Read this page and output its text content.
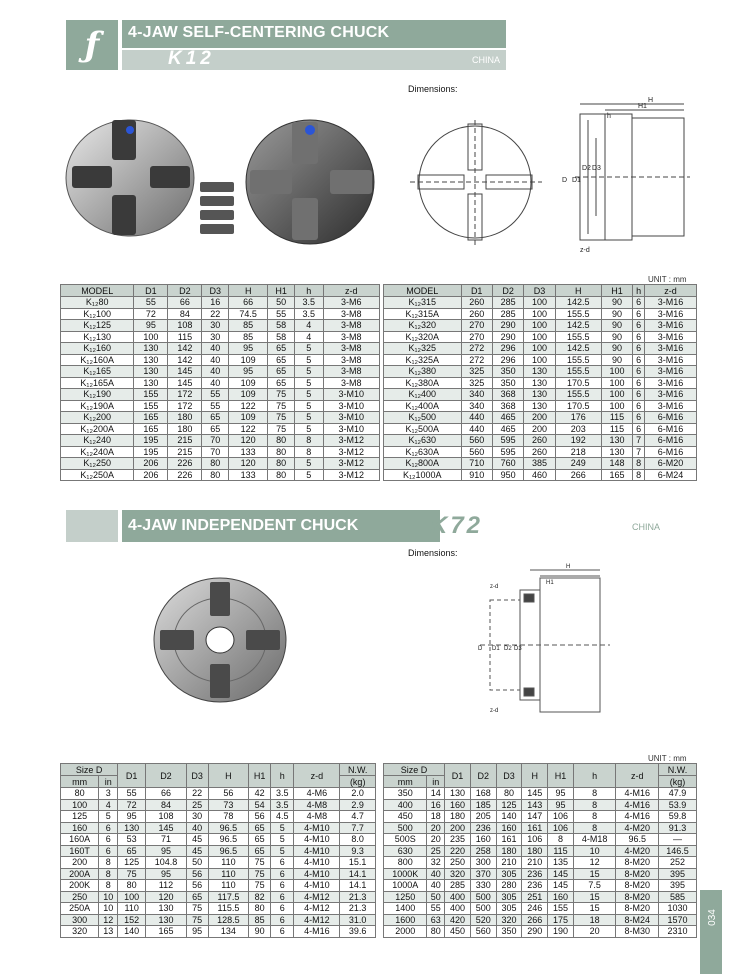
ƒ	4-JAW SELF-CENTERING CHUCK
K12	CHINA
Dimensions:
H
H1
h
D D1
D2 D3
z-d
UNIT : mm
MODEL	D1	D2	D3	H	H1	h	z-d
K₁₂80	55	66	16	66	50	3.5	3-M6
K₁₂100	72	84	22	74.5	55	3.5	3-M8
K₁₂125	95	108	30	85	58	4	3-M8
K₁₂130	100	115	30	85	58	4	3-M8
K₁₂160	130	142	40	95	65	5	3-M8
K₁₂160A	130	142	40	109	65	5	3-M8
K₁₂165	130	145	40	95	65	5	3-M8
K₁₂165A	130	145	40	109	65	5	3-M8
K₁₂190	155	172	55	109	75	5	3-M10
K₁₂190A	155	172	55	122	75	5	3-M10
K₁₂200	165	180	65	109	75	5	3-M10
K₁₂200A	165	180	65	122	75	5	3-M10
K₁₂240	195	215	70	120	80	8	3-M12
K₁₂240A	195	215	70	133	80	8	3-M12
K₁₂250	206	226	80	120	80	5	3-M12
K₁₂250A	206	226	80	133	80	5	3-M12
MODEL	D1	D2	D3	H	H1	h	z-d
K₁₂315	260	285	100	142.5	90	6	3-M16
K₁₂315A	260	285	100	155.5	90	6	3-M16
K₁₂320	270	290	100	142.5	90	6	3-M16
K₁₂320A	270	290	100	155.5	90	6	3-M16
K₁₂325	272	296	100	142.5	90	6	3-M16
K₁₂325A	272	296	100	155.5	90	6	3-M16
K₁₂380	325	350	130	155.5	100	6	3-M16
K₁₂380A	325	350	130	170.5	100	6	3-M16
K₁₂400	340	368	130	155.5	100	6	3-M16
K₁₂400A	340	368	130	170.5	100	6	3-M16
K₁₂500	440	465	200	176	115	6	6-M16
K₁₂500A	440	465	200	203	115	6	6-M16
K₁₂630	560	595	260	192	130	7	6-M16
K₁₂630A	560	595	260	218	130	7	6-M16
K₁₂800A	710	760	385	249	148	8	6-M20
K₁₂1000A	910	950	460	266	165	8	6-M24
4-JAW INDEPENDENT CHUCK	K72	CHINA
Dimensions:
z-d
H1
H
D D1 D2 D3
z-d
UNIT : mm
Size D		D1	D2	D3	H	H1	h	z-d	N.W.
mm	in								(kg)
80	3	55	66	22	56	42	3.5	4-M6	2.0
100	4	72	84	25	73	54	3.5	4-M8	2.9
125	5	95	108	30	78	56	4.5	4-M8	4.7
160	6	130	145	40	96.5	65	5	4-M10	7.7
160A	6	53	71	45	96.5	65	5	4-M10	8.0
160T	6	65	95	45	96.5	65	5	4-M10	9.3
200	8	125	104.8	50	110	75	6	4-M10	15.1
200A	8	75	95	56	110	75	6	4-M10	14.1
200K	8	80	112	56	110	75	6	4-M10	14.1
250	10	100	120	65	117.5	82	6	4-M12	21.3
250A	10	110	130	75	115.5	80	6	4-M12	21.3
300	12	152	130	75	128.5	85	6	4-M12	31.0
320	13	140	165	95	134	90	6	4-M16	39.6
Size D		D1	D2	D3	H	H1	h	z-d	N.W.
mm	in								(kg)
350	14	130	168	80	145	95	8	4-M16	47.9
400	16	160	185	125	143	95	8	4-M16	53.9
450	18	180	205	140	147	106	8	4-M16	59.8
500	20	200	236	160	161	106	8	4-M20	91.3
500S	20	235	160	161	106	8	4-M18	96.5	—
630	25	220	258	180	180	115	10	4-M20	146.5
800	32	250	300	210	210	135	12	8-M20	252
1000K	40	320	370	305	236	145	15	8-M20	395
1000A	40	285	330	280	236	145	7.5	8-M20	395
1250	50	400	500	305	251	160	15	8-M20	585
1400	55	400	500	305	246	155	15	8-M20	1030
1600	63	420	520	320	266	175	18	8-M24	1570
2000	80	450	560	350	290	190	20	8-M30	2310
034
